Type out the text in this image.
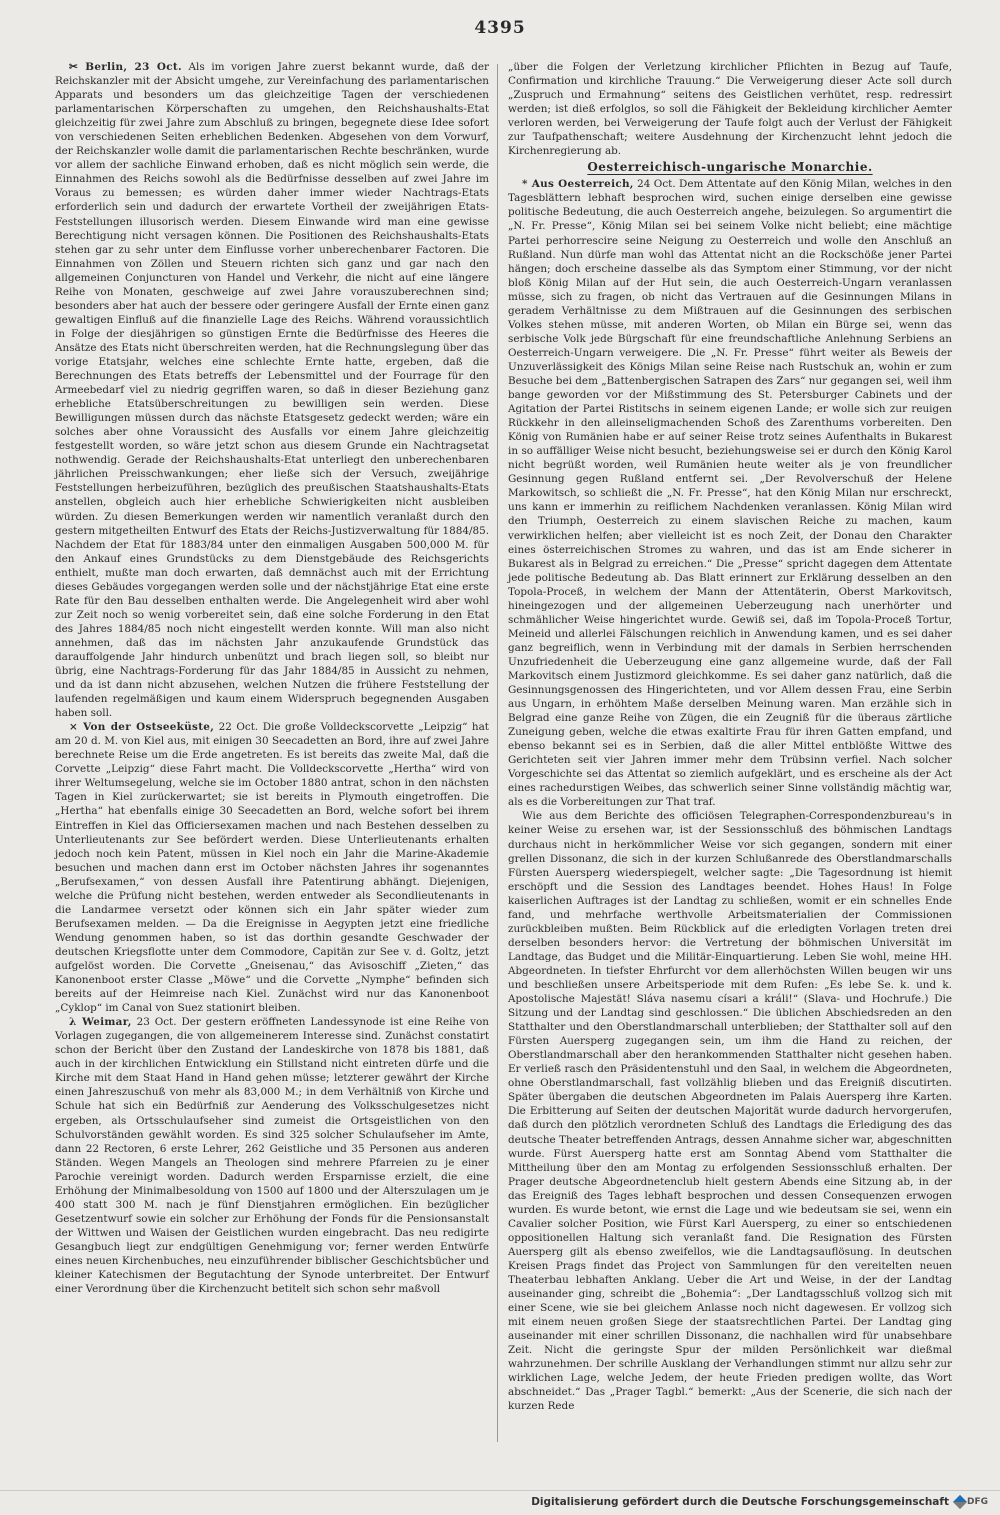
4395

✂ Berlin, 23 Oct. Als im vorigen Jahre zuerst bekannt wurde, daß der Reichskanzler mit der Absicht umgehe, zur Vereinfachung des parlamentarischen Apparats und besonders um das gleichzeitige Tagen der verschiedenen parlamentarischen Körperschaften zu umgehen, den Reichshaushalts-Etat gleichzeitig für zwei Jahre zum Abschluß zu bringen, begegnete diese Idee sofort von verschiedenen Seiten erheblichen Bedenken. Abgesehen von dem Vorwurf, der Reichskanzler wolle damit die parlamentarischen Rechte beschränken, wurde vor allem der sachliche Einwand erhoben, daß es nicht möglich sein werde, die Einnahmen des Reichs sowohl als die Bedürfnisse desselben auf zwei Jahre im Voraus zu bemessen; es würden daher immer wieder Nachtrags-Etats erforderlich sein und dadurch der erwartete Vortheil der zweijährigen Etats-Feststellungen illusorisch werden. Diesem Einwande wird man eine gewisse Berechtigung nicht versagen können. Die Positionen des Reichshaushalts-Etats stehen gar zu sehr unter dem Einflusse vorher unberechenbarer Factoren. Die Einnahmen von Zöllen und Steuern richten sich ganz und gar nach den allgemeinen Conjuncturen von Handel und Verkehr, die nicht auf eine längere Reihe von Monaten, geschweige auf zwei Jahre vorauszuberechnen sind; besonders aber hat auch der bessere oder geringere Ausfall der Ernte einen ganz gewaltigen Einfluß auf die finanzielle Lage des Reichs. Während voraussichtlich in Folge der diesjährigen so günstigen Ernte die Bedürfnisse des Heeres die Ansätze des Etats nicht überschreiten werden, hat die Rechnungslegung über das vorige Etatsjahr, welches eine schlechte Ernte hatte, ergeben, daß die Berechnungen des Etats betreffs der Lebensmittel und der Fourrage für den Armeebedarf viel zu niedrig gegriffen waren, so daß in dieser Beziehung ganz erhebliche Etatsüberschreitungen zu bewilligen sein werden. Diese Bewilligungen müssen durch das nächste Etatsgesetz gedeckt werden; wäre ein solches aber ohne Voraussicht des Ausfalls vor einem Jahre gleichzeitig festgestellt worden, so wäre jetzt schon aus diesem Grunde ein Nachtragsetat nothwendig. Gerade der Reichshaushalts-Etat unterliegt den unberechenbaren jährlichen Preisschwankungen; eher ließe sich der Versuch, zweijährige Feststellungen herbeizuführen, bezüglich des preußischen Staatshaushalts-Etats anstellen, obgleich auch hier erhebliche Schwierigkeiten nicht ausbleiben würden. Zu diesen Bemerkungen werden wir namentlich veranlaßt durch den gestern mitgetheilten Entwurf des Etats der Reichs-Justizverwaltung für 1884/85. Nachdem der Etat für 1883/84 unter den einmaligen Ausgaben 500,000 M. für den Ankauf eines Grundstücks zu dem Dienstgebäude des Reichsgerichts enthielt, mußte man doch erwarten, daß demnächst auch mit der Errichtung dieses Gebäudes vorgegangen werden solle und der nächstjährige Etat eine erste Rate für den Bau desselben enthalten werde. Die Angelegenheit wird aber wohl zur Zeit noch so wenig vorbereitet sein, daß eine solche Forderung in den Etat des Jahres 1884/85 noch nicht eingestellt werden konnte. Will man also nicht annehmen, daß das im nächsten Jahr anzukaufende Grundstück das darauffolgende Jahr hindurch unbenützt und brach liegen soll, so bleibt nur übrig, eine Nachtrags-Forderung für das Jahr 1884/85 in Aussicht zu nehmen, und da ist dann nicht abzusehen, welchen Nutzen die frühere Feststellung der laufenden regelmäßigen und kaum einem Widerspruch begegnenden Ausgaben haben soll.

× Von der Ostseeküste, 22 Oct. Die große Volldeckscorvette „Leipzig“ hat am 20 d. M. von Kiel aus, mit einigen 30 Seecadetten an Bord, ihre auf zwei Jahre berechnete Reise um die Erde angetreten. Es ist bereits das zweite Mal, daß die Corvette „Leipzig“ diese Fahrt macht. Die Volldeckscorvette „Hertha“ wird von ihrer Weltumsegelung, welche sie im October 1880 antrat, schon in den nächsten Tagen in Kiel zurückerwartet; sie ist bereits in Plymouth eingetroffen. Die „Hertha“ hat ebenfalls einige 30 Seecadetten an Bord, welche sofort bei ihrem Eintreffen in Kiel das Officiersexamen machen und nach Bestehen desselben zu Unterlieutenants zur See befördert werden. Diese Unterlieutenants erhalten jedoch noch kein Patent, müssen in Kiel noch ein Jahr die Marine-Akademie besuchen und machen dann erst im October nächsten Jahres ihr sogenanntes „Berufsexamen,“ von dessen Ausfall ihre Patentirung abhängt. Diejenigen, welche die Prüfung nicht bestehen, werden entweder als Secondlieutenants in die Landarmee versetzt oder können sich ein Jahr später wieder zum Berufsexamen melden. — Da die Ereignisse in Aegypten jetzt eine friedliche Wendung genommen haben, so ist das dorthin gesandte Geschwader der deutschen Kriegsflotte unter dem Commodore, Capitän zur See v. d. Goltz, jetzt aufgelöst worden. Die Corvette „Gneisenau,“ das Avisoschiff „Zieten,“ das Kanonenboot erster Classe „Möwe“ und die Corvette „Nymphe“ befinden sich bereits auf der Heimreise nach Kiel. Zunächst wird nur das Kanonenboot „Cyklop“ im Canal von Suez stationirt bleiben.

λ Weimar, 23 Oct. Der gestern eröffneten Landessynode ist eine Reihe von Vorlagen zugegangen, die von allgemeinerem Interesse sind. Zunächst constatirt schon der Bericht über den Zustand der Landeskirche von 1878 bis 1881, daß auch in der kirchlichen Entwicklung ein Stillstand nicht eintreten dürfe und die Kirche mit dem Staat Hand in Hand gehen müsse; letzterer gewährt der Kirche einen Jahreszuschuß von mehr als 83,000 M.; in dem Verhältniß von Kirche und Schule hat sich ein Bedürfniß zur Aenderung des Volksschulgesetzes nicht ergeben, als Ortsschulaufseher sind zumeist die Ortsgeistlichen von den Schulvorständen gewählt worden. Es sind 325 solcher Schulaufseher im Amte, dann 22 Rectoren, 6 erste Lehrer, 262 Geistliche und 35 Personen aus anderen Ständen. Wegen Mangels an Theologen sind mehrere Pfarreien zu je einer Parochie vereinigt worden. Dadurch werden Ersparnisse erzielt, die eine Erhöhung der Minimalbesoldung von 1500 auf 1800 und der Alterszulagen um je 400 statt 300 M. nach je fünf Dienstjahren ermöglichen. Ein bezüglicher Gesetzentwurf sowie ein solcher zur Erhöhung der Fonds für die Pensionsanstalt der Wittwen und Waisen der Geistlichen wurden eingebracht. Das neu redigirte Gesangbuch liegt zur endgültigen Genehmigung vor; ferner werden Entwürfe eines neuen Kirchenbuches, neu einzuführender biblischer Geschichtsbücher und kleiner Katechismen der Begutachtung der Synode unterbreitet. Der Entwurf einer Verordnung über die Kirchenzucht betitelt sich schon sehr maßvoll

„über die Folgen der Verletzung kirchlicher Pflichten in Bezug auf Taufe, Confirmation und kirchliche Trauung.“ Die Verweigerung dieser Acte soll durch „Zuspruch und Ermahnung“ seitens des Geistlichen verhütet, resp. redressirt werden; ist dieß erfolglos, so soll die Fähigkeit der Bekleidung kirchlicher Aemter verloren werden, bei Verweigerung der Taufe folgt auch der Verlust der Fähigkeit zur Taufpathenschaft; weitere Ausdehnung der Kirchenzucht lehnt jedoch die Kirchenregierung ab.

Oesterreichisch-ungarische Monarchie.

* Aus Oesterreich, 24 Oct. Dem Attentate auf den König Milan, welches in den Tagesblättern lebhaft besprochen wird, suchen einige derselben eine gewisse politische Bedeutung, die auch Oesterreich angehe, beizulegen. So argumentirt die „N. Fr. Presse“, König Milan sei bei seinem Volke nicht beliebt; eine mächtige Partei perhorrescire seine Neigung zu Oesterreich und wolle den Anschluß an Rußland. Nun dürfe man wohl das Attentat nicht an die Rockschöße jener Partei hängen; doch erscheine dasselbe als das Symptom einer Stimmung, vor der nicht bloß König Milan auf der Hut sein, die auch Oesterreich-Ungarn veranlassen müsse, sich zu fragen, ob nicht das Vertrauen auf die Gesinnungen Milans in geradem Verhältnisse zu dem Mißtrauen auf die Gesinnungen des serbischen Volkes stehen müsse, mit anderen Worten, ob Milan ein Bürge sei, wenn das serbische Volk jede Bürgschaft für eine freundschaftliche Anlehnung Serbiens an Oesterreich-Ungarn verweigere. Die „N. Fr. Presse“ führt weiter als Beweis der Unzuverlässigkeit des Königs Milan seine Reise nach Rustschuk an, wohin er zum Besuche bei dem „Battenbergischen Satrapen des Zars“ nur gegangen sei, weil ihm bange geworden vor der Mißstimmung des St. Petersburger Cabinets und der Agitation der Partei Ristitschs in seinem eigenen Lande; er wolle sich zur reuigen Rückkehr in den alleinseligmachenden Schoß des Zarenthums vorbereiten. Den König von Rumänien habe er auf seiner Reise trotz seines Aufenthalts in Bukarest in so auffälliger Weise nicht besucht, beziehungsweise sei er durch den König Karol nicht begrüßt worden, weil Rumänien heute weiter als je von freundlicher Gesinnung gegen Rußland entfernt sei. „Der Revolverschuß der Helene Markowitsch, so schließt die „N. Fr. Presse“, hat den König Milan nur erschreckt, uns kann er immerhin zu reiflichem Nachdenken veranlassen. König Milan wird den Triumph, Oesterreich zu einem slavischen Reiche zu machen, kaum verwirklichen helfen; aber vielleicht ist es noch Zeit, der Donau den Charakter eines österreichischen Stromes zu wahren, und das ist am Ende sicherer in Bukarest als in Belgrad zu erreichen.“ Die „Presse“ spricht dagegen dem Attentate jede politische Bedeutung ab. Das Blatt erinnert zur Erklärung desselben an den Topola-Proceß, in welchem der Mann der Attentäterin, Oberst Markovitsch, hineingezogen und der allgemeinen Ueberzeugung nach unerhörter und schmählicher Weise hingerichtet wurde. Gewiß sei, daß im Topola-Proceß Tortur, Meineid und allerlei Fälschungen reichlich in Anwendung kamen, und es sei daher ganz begreiflich, wenn in Verbindung mit der damals in Serbien herrschenden Unzufriedenheit die Ueberzeugung eine ganz allgemeine wurde, daß der Fall Markovitsch einem Justizmord gleichkomme. Es sei daher ganz natürlich, daß die Gesinnungsgenossen des Hingerichteten, und vor Allem dessen Frau, eine Serbin aus Ungarn, in erhöhtem Maße derselben Meinung waren. Man erzähle sich in Belgrad eine ganze Reihe von Zügen, die ein Zeugniß für die überaus zärtliche Zuneigung geben, welche die etwas exaltirte Frau für ihren Gatten empfand, und ebenso bekannt sei es in Serbien, daß die aller Mittel entblößte Wittwe des Gerichteten seit vier Jahren immer mehr dem Trübsinn verfiel. Nach solcher Vorgeschichte sei das Attentat so ziemlich aufgeklärt, und es erscheine als der Act eines rachedurstigen Weibes, das schwerlich seiner Sinne vollständig mächtig war, als es die Vorbereitungen zur That traf.

Wie aus dem Berichte des officiösen Telegraphen-Correspondenzbureau's in keiner Weise zu ersehen war, ist der Sessionsschluß des böhmischen Landtags durchaus nicht in herkömmlicher Weise vor sich gegangen, sondern mit einer grellen Dissonanz, die sich in der kurzen Schlußanrede des Oberstlandmarschalls Fürsten Auersperg wiederspiegelt, welcher sagte: „Die Tagesordnung ist hiemit erschöpft und die Session des Landtages beendet. Hohes Haus! In Folge kaiserlichen Auftrages ist der Landtag zu schließen, womit er ein schnelles Ende fand, und mehrfache werthvolle Arbeitsmaterialien der Commissionen zurückbleiben mußten. Beim Rückblick auf die erledigten Vorlagen treten drei derselben besonders hervor: die Vertretung der böhmischen Universität im Landtage, das Budget und die Militär-Einquartierung. Leben Sie wohl, meine HH. Abgeordneten. In tiefster Ehrfurcht vor dem allerhöchsten Willen beugen wir uns und beschließen unsere Arbeitsperiode mit dem Rufen: „Es lebe Se. k. und k. Apostolische Majestät! Sláva nasemu císari a králi!“ (Slava- und Hochrufe.) Die Sitzung und der Landtag sind geschlossen.“ Die üblichen Abschiedsreden an den Statthalter und den Oberstlandmarschall unterblieben; der Statthalter soll auf den Fürsten Auersperg zugegangen sein, um ihm die Hand zu reichen, der Oberstlandmarschall aber den herankommenden Statthalter nicht gesehen haben. Er verließ rasch den Präsidentenstuhl und den Saal, in welchem die Abgeordneten, ohne Oberstlandmarschall, fast vollzählig blieben und das Ereigniß discutirten. Später übergaben die deutschen Abgeordneten im Palais Auersperg ihre Karten. Die Erbitterung auf Seiten der deutschen Majorität wurde dadurch hervorgerufen, daß durch den plötzlich verordneten Schluß des Landtags die Erledigung des das deutsche Theater betreffenden Antrags, dessen Annahme sicher war, abgeschnitten wurde. Fürst Auersperg hatte erst am Sonntag Abend vom Statthalter die Mittheilung über den am Montag zu erfolgenden Sessionsschluß erhalten. Der Prager deutsche Abgeordnetenclub hielt gestern Abends eine Sitzung ab, in der das Ereigniß des Tages lebhaft besprochen und dessen Consequenzen erwogen wurden. Es wurde betont, wie ernst die Lage und wie bedeutsam sie sei, wenn ein Cavalier solcher Position, wie Fürst Karl Auersperg, zu einer so entschiedenen oppositionellen Haltung sich veranlaßt fand. Die Resignation des Fürsten Auersperg gilt als ebenso zweifellos, wie die Landtagsauflösung. In deutschen Kreisen Prags findet das Project von Sammlungen für den vereitelten neuen Theaterbau lebhaften Anklang. Ueber die Art und Weise, in der der Landtag auseinander ging, schreibt die „Bohemia“: „Der Landtagsschluß vollzog sich mit einer Scene, wie sie bei gleichem Anlasse noch nicht dagewesen. Er vollzog sich mit einem neuen großen Siege der staatsrechtlichen Partei. Der Landtag ging auseinander mit einer schrillen Dissonanz, die nachhallen wird für unabsehbare Zeit. Nicht die geringste Spur der milden Persönlichkeit war dießmal wahrzunehmen. Der schrille Ausklang der Verhandlungen stimmt nur allzu sehr zur wirklichen Lage, welche Jedem, der heute Frieden predigen wollte, das Wort abschneidet.“ Das „Prager Tagbl.“ bemerkt: „Aus der Scenerie, die sich nach der kurzen Rede

Digitalisierung gefördert durch die Deutsche Forschungsgemeinschaft DFG
